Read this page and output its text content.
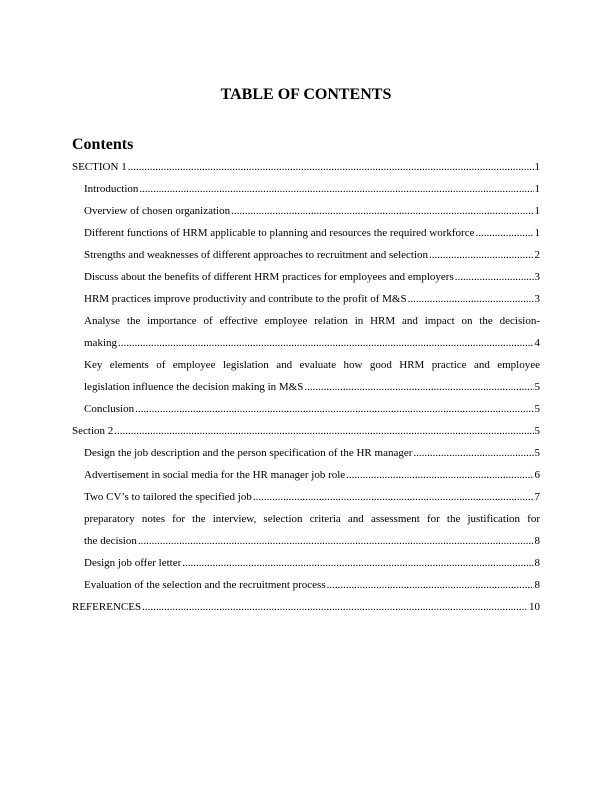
TABLE OF CONTENTS
Contents
SECTION 1 .....	1
Introduction .....	1
Overview of chosen organization .....	1
Different functions of HRM applicable to planning and resources the required workforce .....	1
Strengths and weaknesses of different approaches to recruitment and selection .....	2
Discuss about the benefits of different HRM practices for employees and employers .....	3
HRM practices improve productivity and contribute to the profit of M&S .....	3
Analyse the importance of effective employee relation in HRM and impact on the decision-
making .....	4
Key elements of employee legislation and evaluate how good HRM practice and employee
legislation influence the decision making in M&S .....	5
Conclusion .....	5
Section 2 .....	5
Design the job description and the person specification of the HR manager .....	5
Advertisement in social media for the HR manager job role .....	6
Two CV’s to tailored the specified job .....	7
preparatory notes for the interview, selection criteria and assessment for the justification for
the decision .....	8
Design job offer letter .....	8
Evaluation of the selection and the recruitment process .....	8
REFERENCES .....	10
